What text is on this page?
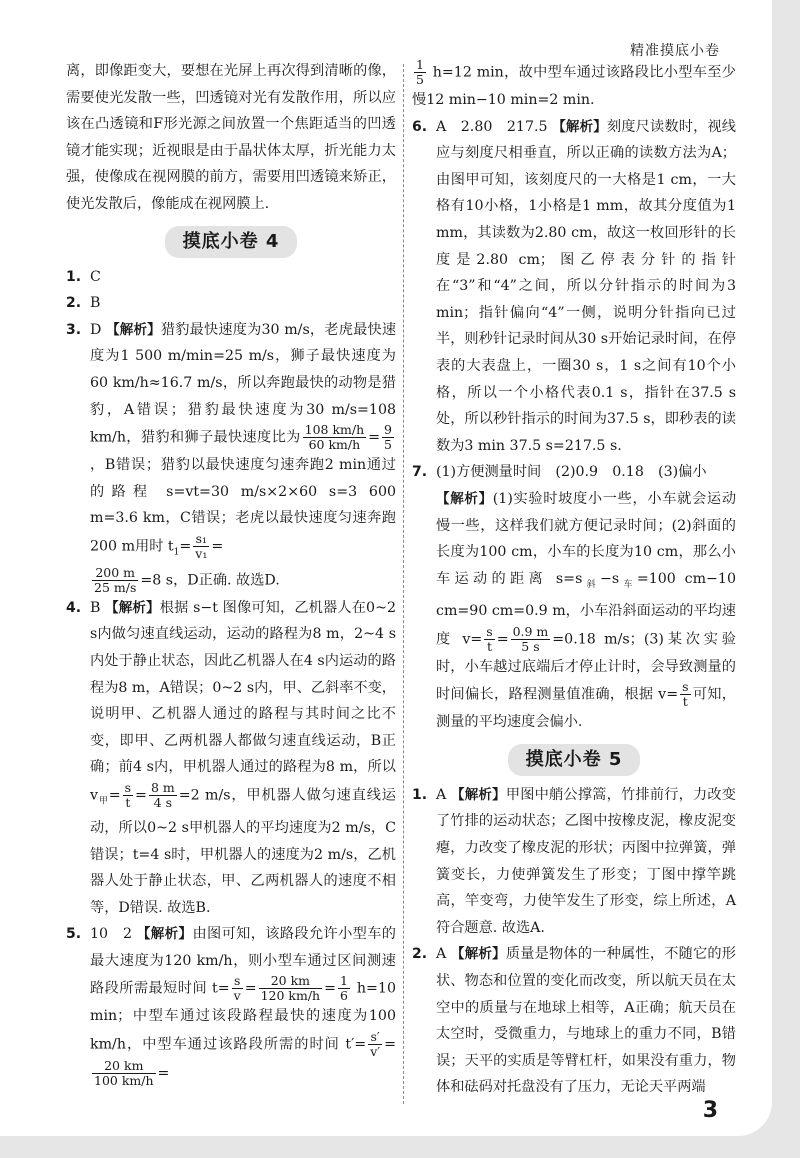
精准摸底小卷

离，即像距变大，要想在光屏上再次得到清晰的像，需要使光发散一些，凹透镜对光有发散作用，所以应该在凸透镜和F形光源之间放置一个焦距适当的凹透镜才能实现；近视眼是由于晶状体太厚，折光能力太强，使像成在视网膜的前方，需要用凹透镜来矫正，使光发散后，像能成在视网膜上.

摸底小卷 4
1. C
2. B
3. D 【解析】猎豹最快速度为30 m/s，老虎最快速度为1 500 m/min=25 m/s，狮子最快速度为60 km/h≈16.7 m/s，所以奔跑最快的动物是猎豹，A错误；猎豹最快速度为30 m/s=108 km/h，猎豹和狮子最快速度比为 $\frac{108 km/h}{60 km/h} = \frac{9}{5}$
，B错误；猎豹以最快速度匀速奔跑2 min通过的路程 s=vt=30 m/s×2×60 s=3 600 m=3.6 km，C错误；老虎以最快速度匀速奔跑200 m用时 $t_1= \frac{\text{s₁}}{\text{v₁}}$ =

$\frac{200 m}{25 m/s} =8$ s，D正确. 故选D.
4. B 【解析】根据 s−t 图像可知，乙机器人在0~2 s内做匀速直线运动，运动的路程为8 m，2~4 s内处于静止状态，因此乙机器人在4 s内运动的路程为8 m，A错误；0~2 s内，甲、乙斜率不变，说明甲、乙机器人通过的路程与其时间之比不变，即甲、乙两机器人都做匀速直线运动，B正确；前4 s内，甲机器人通过的路程为8 m，所以 $v_甲= \frac{s}{t} = \frac{8 m}{4 s} =2$ m/s，甲机器人做匀速直线运动，所以0~2 s甲机器人的平均速度为2 m/s，C错误；t=4 s时，甲机器人的速度为2 m/s，乙机器人处于静止状态，甲、乙两机器人的速度不相等，D错误. 故选B.
5. 10　2 【解析】由图可知，该路段允许小型车的最大速度为120 km/h，则小型车通过区间测速路段所需最短时间 $t= \frac{s}{v} = \frac{20 km}{120 km/h} = \frac{1}{6} h=10$ min；中型车通过该段路程最快的速度为100 km/h，中型车通过该路段所需的时间 $t'= \frac{s'}{v'}$ =
$\frac{20 km}{100 km/h}$ =

$\frac{1}{5} h=12$ min，故中型车通过该路段比小型车至少慢12 min−10 min=2 min.

6. A　2.80　217.5 【解析】刻度尺读数时，视线应与刻度尺相垂直，所以正确的读数方法为A；由图甲可知，该刻度尺的一大格是1 cm，一大格有10小格，1小格是1 mm，故其分度值为1 mm，其读数为2.80 cm，故这一枚回形针的长度是2.80 cm；图乙停表分针的指针在“3”和“4”之间，所以分针指示的时间为3 min；指针偏向“4”一侧，说明分针指向已过半，则秒针记录时间从30 s开始记录时间，在停表的大表盘上，一圈30 s，1 s之间有10个小格，所以一个小格代表0.1 s，指针在37.5 s处，所以秒针指示的时间为37.5 s，即秒表的读数为3 min 37.5 s=217.5 s.
7. (1)方便测量时间　(2)0.9　0.18　(3)偏小
【解析】(1)实验时坡度小一些，小车就会运动慢一些，这样我们就方便记录时间；(2)斜面的长度为100 cm，小车的长度为10 cm，那么小车运动的距离 $s=s_斜-s_车=100$ cm−10 cm=90 cm=0.9 m，小车沿斜面运动的平均速度 $v= \frac{s}{t} = \frac{0.9 m}{5 s} =0.18$ m/s；(3)某次实验时，小车越过底端后才停止计时，会导致测量的时间偏长，路程测量值准确，根据 $v= \frac{s}{t}$ 可知，测量的平均速度会偏小.
摸底小卷 5
1. A 【解析】甲图中艄公撑篙，竹排前行，力改变了竹排的运动状态；乙图中按橡皮泥，橡皮泥变瘪，力改变了橡皮泥的形状；丙图中拉弹簧，弹簧变长，力使弹簧发生了形变；丁图中撑竿跳高，竿变弯，力使竿发生了形变，综上所述，A符合题意. 故选A.
2. A 【解析】质量是物体的一种属性，不随它的形状、物态和位置的变化而改变，所以航天员在太空中的质量与在地球上相等，A正确；航天员在太空时，受微重力，与地球上的重力不同，B错误；天平的实质是等臂杠杆，如果没有重力，物体和砝码对托盘没有了压力，无论天平两端
3
